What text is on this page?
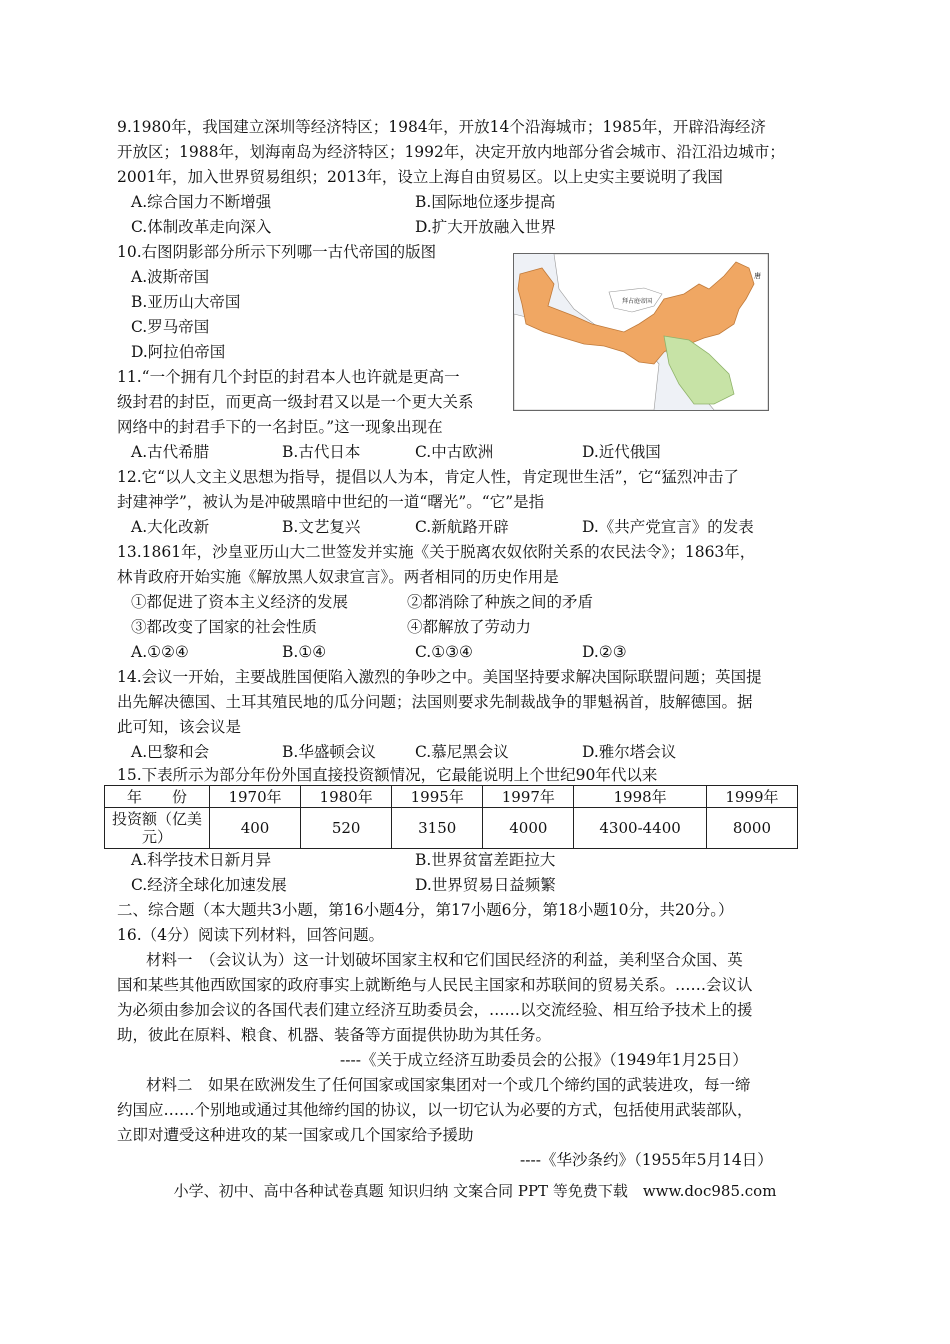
9.1980年，我国建立深圳等经济特区；1984年，开放14个沿海城市；1985年，开辟沿海经济
开放区；1988年，划海南岛为经济特区；1992年，决定开放内地部分省会城市、沿江沿边城市；
2001年，加入世界贸易组织；2013年，设立上海自由贸易区。以上史实主要说明了我国
A.综合国力不断增强	B.国际地位逐步提高
C.体制改革走向深入	D.扩大开放融入世界
10.右图阴影部分所示下列哪一古代帝国的版图
A.波斯帝国
B.亚历山大帝国
C.罗马帝国
D.阿拉伯帝国
拜占庭帝国
唐
11.“一个拥有几个封臣的封君本人也许就是更高一
级封君的封臣，而更高一级封君又以是一个更大关系
网络中的封君手下的一名封臣。”这一现象出现在
A.古代希腊	B.古代日本	C.中古欧洲	D.近代俄国
12.它“以人文主义思想为指导，提倡以人为本，肯定人性，肯定现世生活”，它“猛烈冲击了
封建神学”，被认为是冲破黑暗中世纪的一道“曙光”。“它”是指
A.大化改新	B.文艺复兴	C.新航路开辟	D.《共产党宣言》的发表
13.1861年，沙皇亚历山大二世签发并实施《关于脱离农奴依附关系的农民法令》；1863年，
林肯政府开始实施《解放黑人奴隶宣言》。两者相同的历史作用是
①都促进了资本主义经济的发展	②都消除了种族之间的矛盾
③都改变了国家的社会性质	④都解放了劳动力
A.①②④	B.①④	C.①③④	D.②③
14.会议一开始，主要战胜国便陷入激烈的争吵之中。美国坚持要求解决国际联盟问题；英国提
出先解决德国、土耳其殖民地的瓜分问题；法国则要求先制裁战争的罪魁祸首，肢解德国。据
此可知，该会议是
A.巴黎和会	B.华盛顿会议	C.慕尼黑会议	D.雅尔塔会议
15.下表所示为部分年份外国直接投资额情况，它最能说明上个世纪90年代以来
年　　份	1970年	1980年	1995年	1997年	1998年	1999年
投资额（亿美
元）	400	520	3150	4000	4300-4400	8000
A.科学技术日新月异	B.世界贫富差距拉大
C.经济全球化加速发展	D.世界贸易日益频繁
二、综合题（本大题共3小题，第16小题4分，第17小题6分，第18小题10分，共20分。）
16.（4分）阅读下列材料，回答问题。
材料一　（会议认为）这一计划破坏国家主权和它们国民经济的利益，美利坚合众国、英
国和某些其他西欧国家的政府事实上就断绝与人民民主国家和苏联间的贸易关系。……会议认
为必须由参加会议的各国代表们建立经济互助委员会，……以交流经验、相互给予技术上的援
助，彼此在原料、粮食、机器、装备等方面提供协助为其任务。
----《关于成立经济互助委员会的公报》（1949年1月25日）
材料二　如果在欧洲发生了任何国家或国家集团对一个或几个缔约国的武装进攻，每一缔
约国应……个别地或通过其他缔约国的协议，以一切它认为必要的方式，包括使用武装部队，
立即对遭受这种进攻的某一国家或几个国家给予援助
----《华沙条约》（1955年5月14日）
小学、初中、高中各种试卷真题 知识归纳 文案合同 PPT 等免费下载　www.doc985.com
